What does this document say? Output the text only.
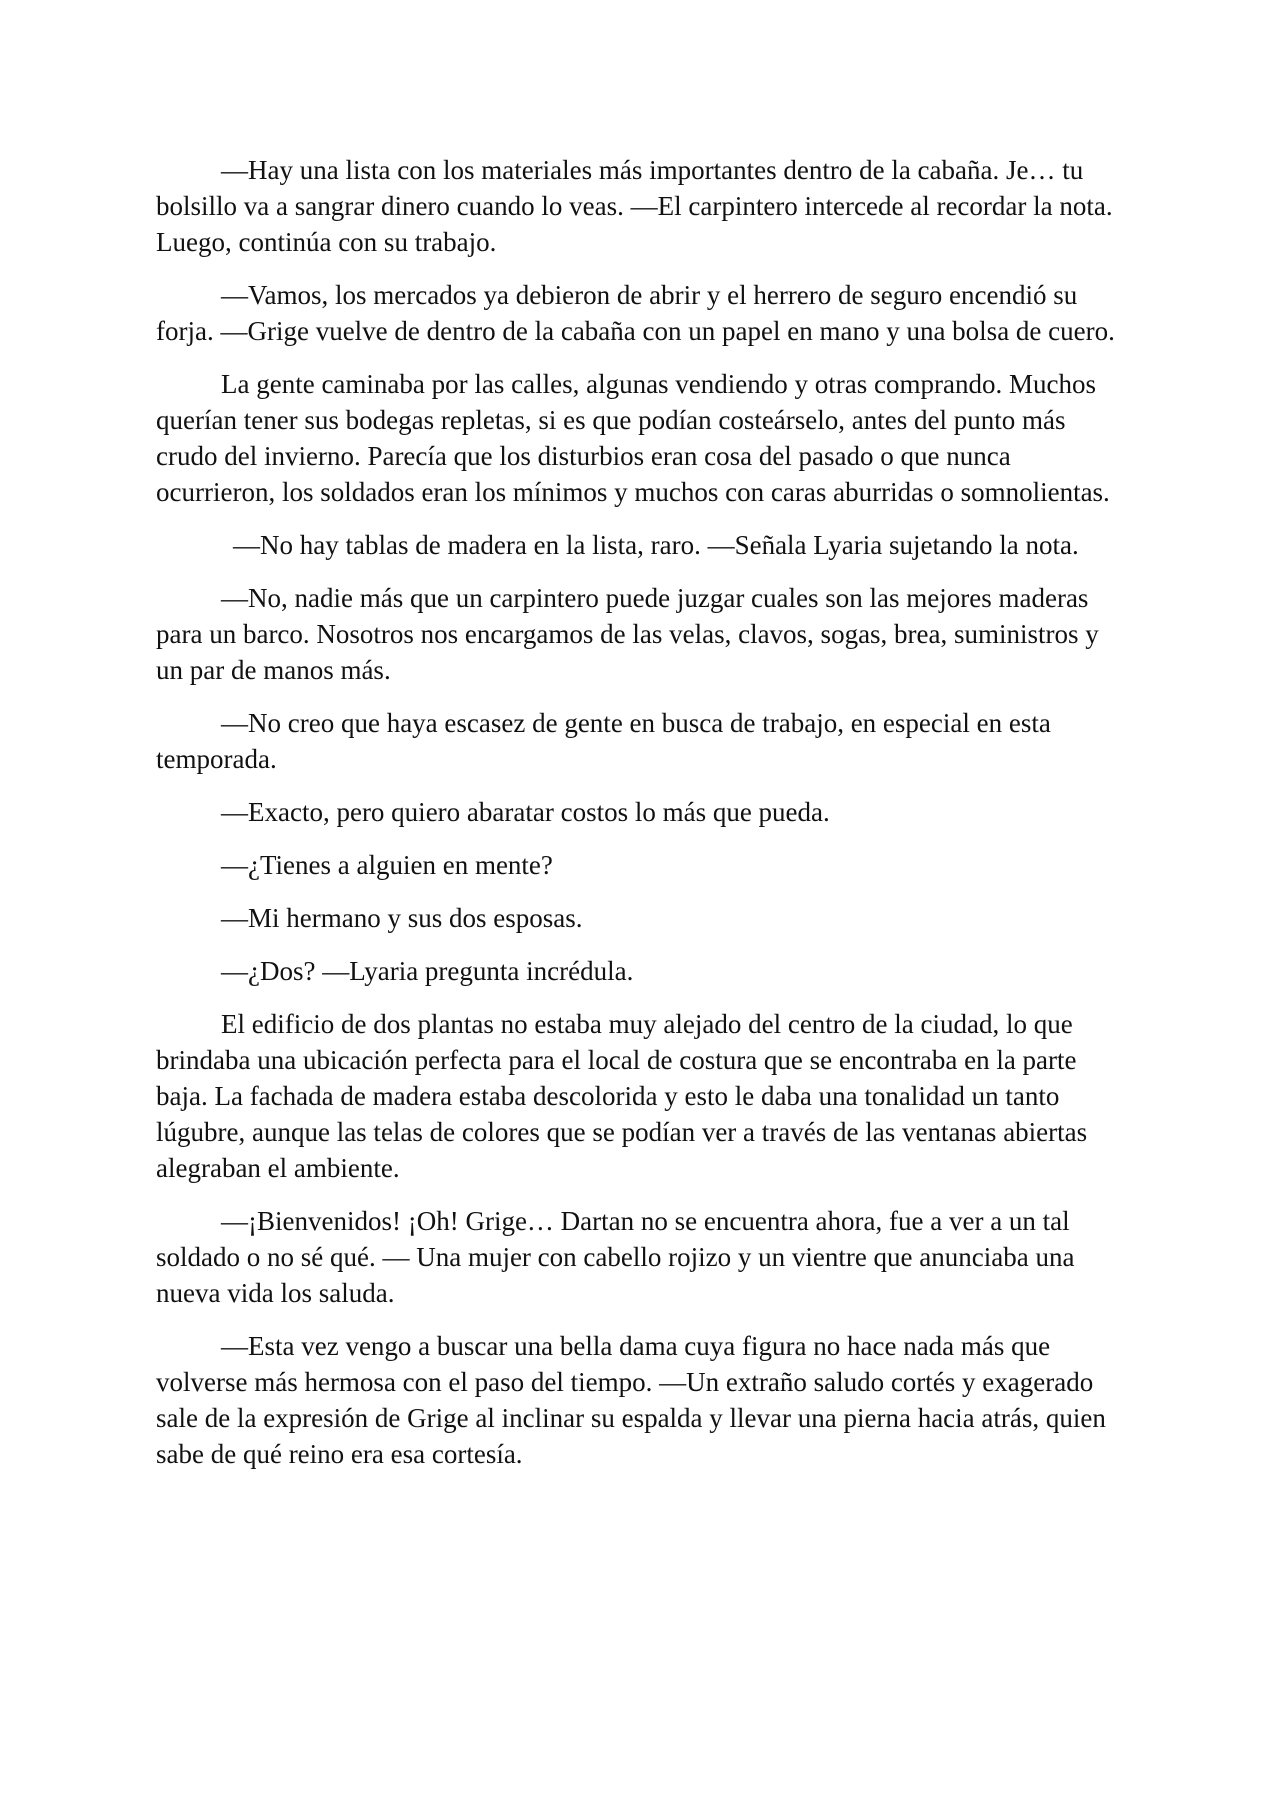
—Hay una lista con los materiales más importantes dentro de la cabaña. Je… tu bolsillo va a sangrar dinero cuando lo veas. —El carpintero intercede al recordar la nota. Luego, continúa con su trabajo.

—Vamos, los mercados ya debieron de abrir y el herrero de seguro encendió su forja. —Grige vuelve de dentro de la cabaña con un papel en mano y una bolsa de cuero.

La gente caminaba por las calles, algunas vendiendo y otras comprando. Muchos querían tener sus bodegas repletas, si es que podían costeárselo, antes del punto más crudo del invierno. Parecía que los disturbios eran cosa del pasado o que nunca ocurrieron, los soldados eran los mínimos y muchos con caras aburridas o somnolientas.

—No hay tablas de madera en la lista, raro. —Señala Lyaria sujetando la nota.

—No, nadie más que un carpintero puede juzgar cuales son las mejores maderas para un barco. Nosotros nos encargamos de las velas, clavos, sogas, brea, suministros y un par de manos más.

—No creo que haya escasez de gente en busca de trabajo, en especial en esta temporada.

—Exacto, pero quiero abaratar costos lo más que pueda.

—¿Tienes a alguien en mente?

—Mi hermano y sus dos esposas.

—¿Dos? —Lyaria pregunta incrédula.

El edificio de dos plantas no estaba muy alejado del centro de la ciudad, lo que brindaba una ubicación perfecta para el local de costura que se encontraba en la parte baja. La fachada de madera estaba descolorida y esto le daba una tonalidad un tanto lúgubre, aunque las telas de colores que se podían ver a través de las ventanas abiertas alegraban el ambiente.

—¡Bienvenidos! ¡Oh! Grige… Dartan no se encuentra ahora, fue a ver a un tal soldado o no sé qué. — Una mujer con cabello rojizo y un vientre que anunciaba una nueva vida los saluda.

—Esta vez vengo a buscar una bella dama cuya figura no hace nada más que volverse más hermosa con el paso del tiempo. —Un extraño saludo cortés y exagerado sale de la expresión de Grige al inclinar su espalda y llevar una pierna hacia atrás, quien sabe de qué reino era esa cortesía.
